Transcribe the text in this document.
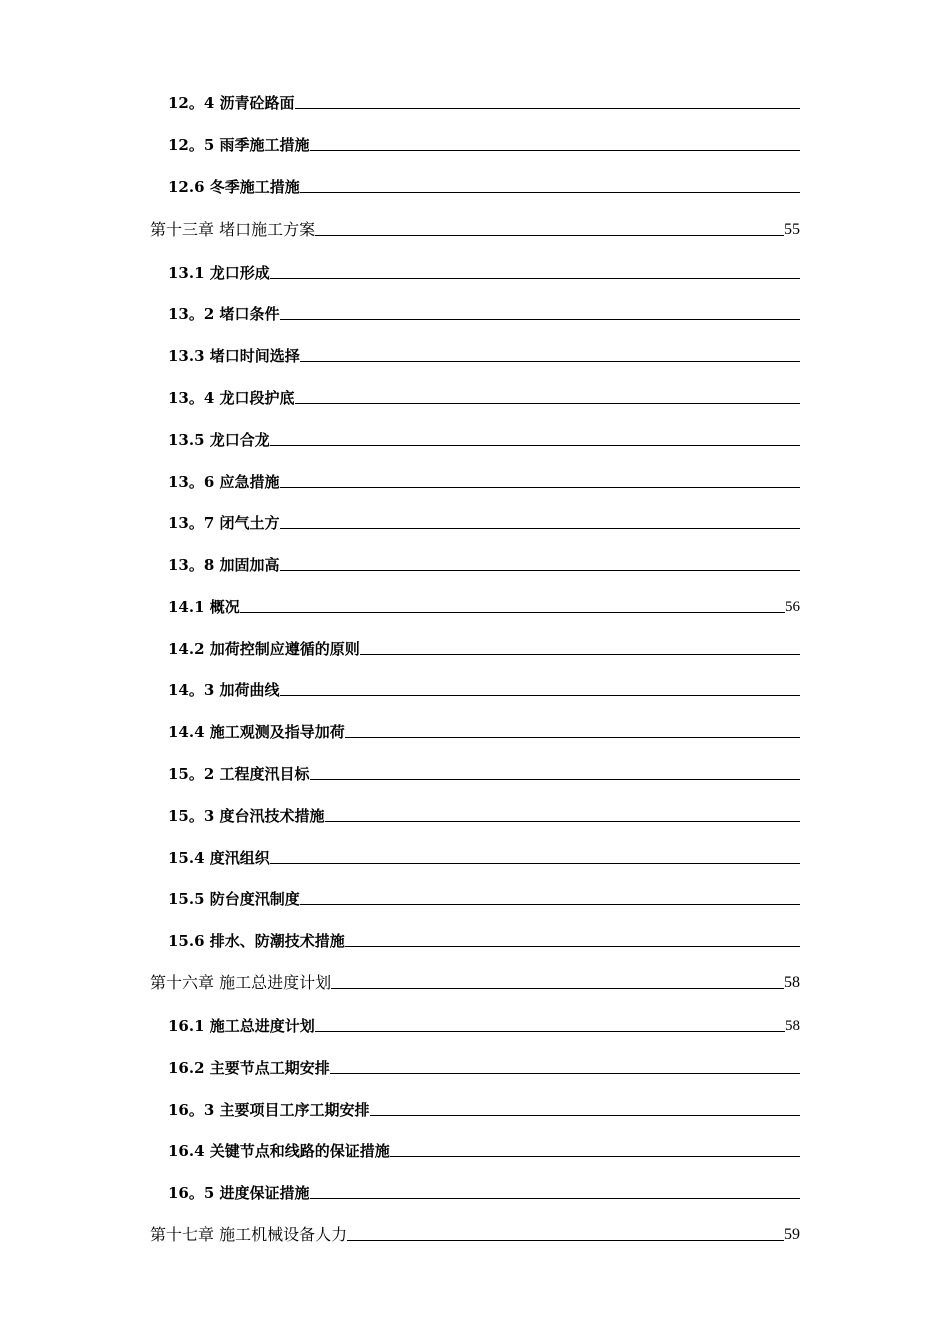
12。4 沥青砼路面
12。5 雨季施工措施
12.6 冬季施工措施
第十三章 堵口施工方案	55
13.1 龙口形成
13。2 堵口条件
13.3 堵口时间选择
13。4 龙口段护底
13.5 龙口合龙
13。6 应急措施
13。7 闭气土方
13。8 加固加高
14.1 概况	56
14.2 加荷控制应遵循的原则
14。3 加荷曲线
14.4 施工观测及指导加荷
15。2 工程度汛目标
15。3 度台汛技术措施
15.4 度汛组织
15.5 防台度汛制度
15.6 排水、防潮技术措施
第十六章 施工总进度计划	58
16.1 施工总进度计划	58
16.2 主要节点工期安排
16。3 主要项目工序工期安排
16.4 关键节点和线路的保证措施
16。5 进度保证措施
第十七章 施工机械设备人力	59
